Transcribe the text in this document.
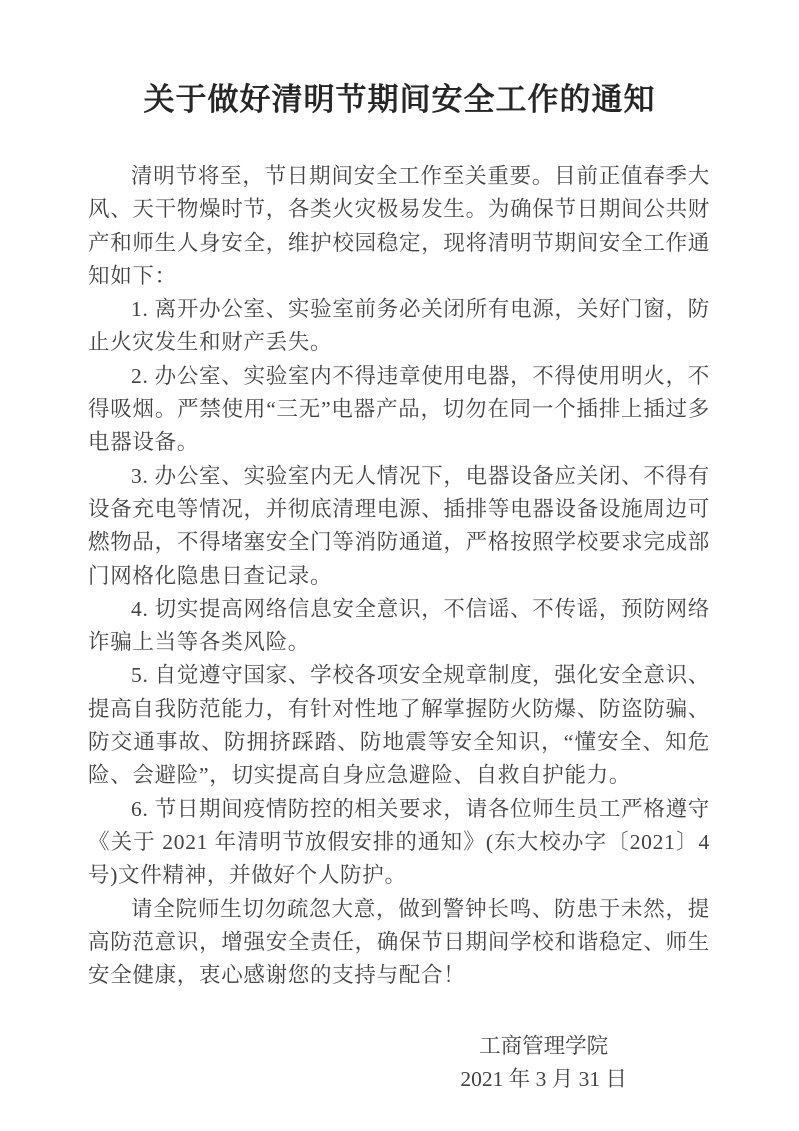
关于做好清明节期间安全工作的通知

清明节将至，节日期间安全工作至关重要。目前正值春季大风、天干物燥时节，各类火灾极易发生。为确保节日期间公共财产和师生人身安全，维护校园稳定，现将清明节期间安全工作通知如下：

1. 离开办公室、实验室前务必关闭所有电源，关好门窗，防止火灾发生和财产丢失。

2. 办公室、实验室内不得违章使用电器，不得使用明火，不得吸烟。严禁使用“三无”电器产品，切勿在同一个插排上插过多电器设备。

3. 办公室、实验室内无人情况下，电器设备应关闭、不得有设备充电等情况，并彻底清理电源、插排等电器设备设施周边可燃物品，不得堵塞安全门等消防通道，严格按照学校要求完成部门网格化隐患日查记录。

4. 切实提高网络信息安全意识，不信谣、不传谣，预防网络诈骗上当等各类风险。

5. 自觉遵守国家、学校各项安全规章制度，强化安全意识、提高自我防范能力，有针对性地了解掌握防火防爆、防盗防骗、防交通事故、防拥挤踩踏、防地震等安全知识，“懂安全、知危险、会避险”，切实提高自身应急避险、自救自护能力。

6. 节日期间疫情防控的相关要求，请各位师生员工严格遵守《关于 2021 年清明节放假安排的通知》(东大校办字〔2021〕4 号)文件精神，并做好个人防护。

请全院师生切勿疏忽大意，做到警钟长鸣、防患于未然，提高防范意识，增强安全责任，确保节日期间学校和谐稳定、师生安全健康，衷心感谢您的支持与配合！

工商管理学院

2021 年 3 月 31 日
